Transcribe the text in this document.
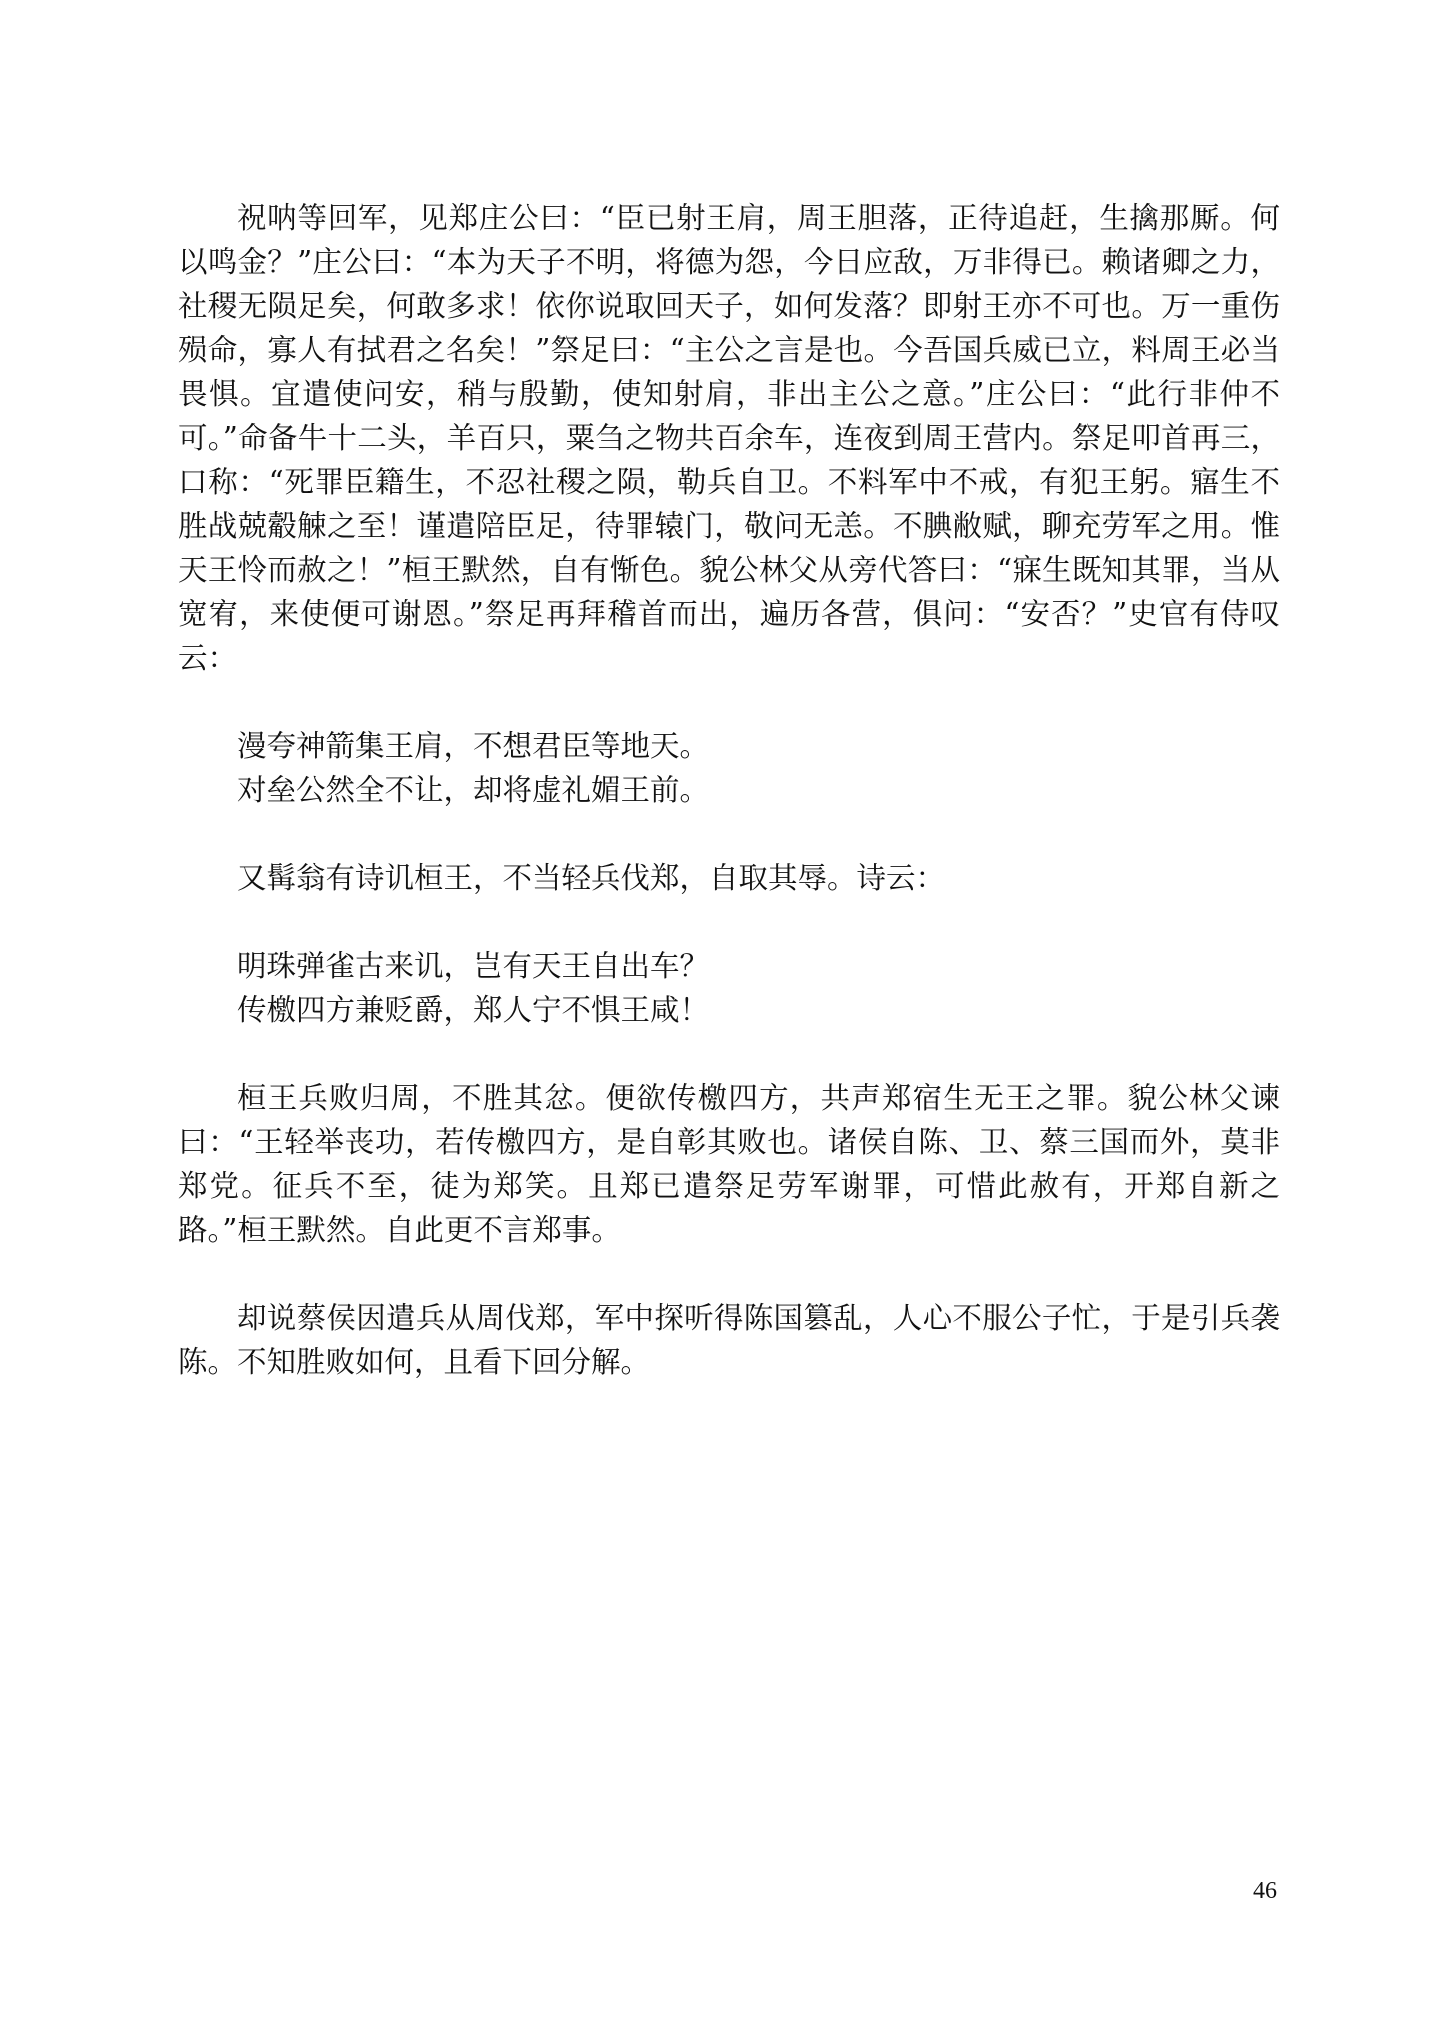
祝呐等回军，见郑庄公曰：“臣已射王肩，周王胆落，正待追赶，生擒那厮。何以鸣金？”庄公曰：“本为天子不明，将德为怨，今日应敌，万非得已。赖诸卿之力，社稷无陨足矣，何敢多求！依你说取回天子，如何发落？即射王亦不可也。万一重伤殒命，寡人有拭君之名矣！”祭足曰：“主公之言是也。今吾国兵威已立，料周王必当畏惧。宜遣使问安，稍与殷勤，使知射肩，非出主公之意。”庄公曰：“此行非仲不可。”命备牛十二头，羊百只，粟刍之物共百余车，连夜到周王营内。祭足叩首再三，口称：“死罪臣籍生，不忍社稷之陨，勒兵自卫。不料军中不戒，有犯王躬。寤生不胜战兢觳觫之至！谨遣陪臣足，待罪辕门，敬问无恙。不腆敝赋，聊充劳军之用。惟天王怜而赦之！”桓王默然，自有惭色。貌公林父从旁代答曰：“寐生既知其罪，当从宽宥，来使便可谢恩。”祭足再拜稽首而出，遍历各营，俱问：“安否？”史官有侍叹云：

漫夸神箭集王肩，不想君臣等地天。

对垒公然全不让，却将虚礼媚王前。

又髯翁有诗讥桓王，不当轻兵伐郑，自取其辱。诗云：

明珠弹雀古来讥，岂有天王自出车？

传檄四方兼贬爵，郑人宁不惧王咸！

桓王兵败归周，不胜其忿。便欲传檄四方，共声郑宿生无王之罪。貌公林父谏曰：“王轻举丧功，若传檄四方，是自彰其败也。诸侯自陈、卫、蔡三国而外，莫非郑党。征兵不至，徒为郑笑。且郑已遣祭足劳军谢罪，可惜此赦有，开郑自新之路。”桓王默然。自此更不言郑事。

却说蔡侯因遣兵从周伐郑，军中探听得陈国篡乱，人心不服公子忙，于是引兵袭陈。不知胜败如何，且看下回分解。

46
